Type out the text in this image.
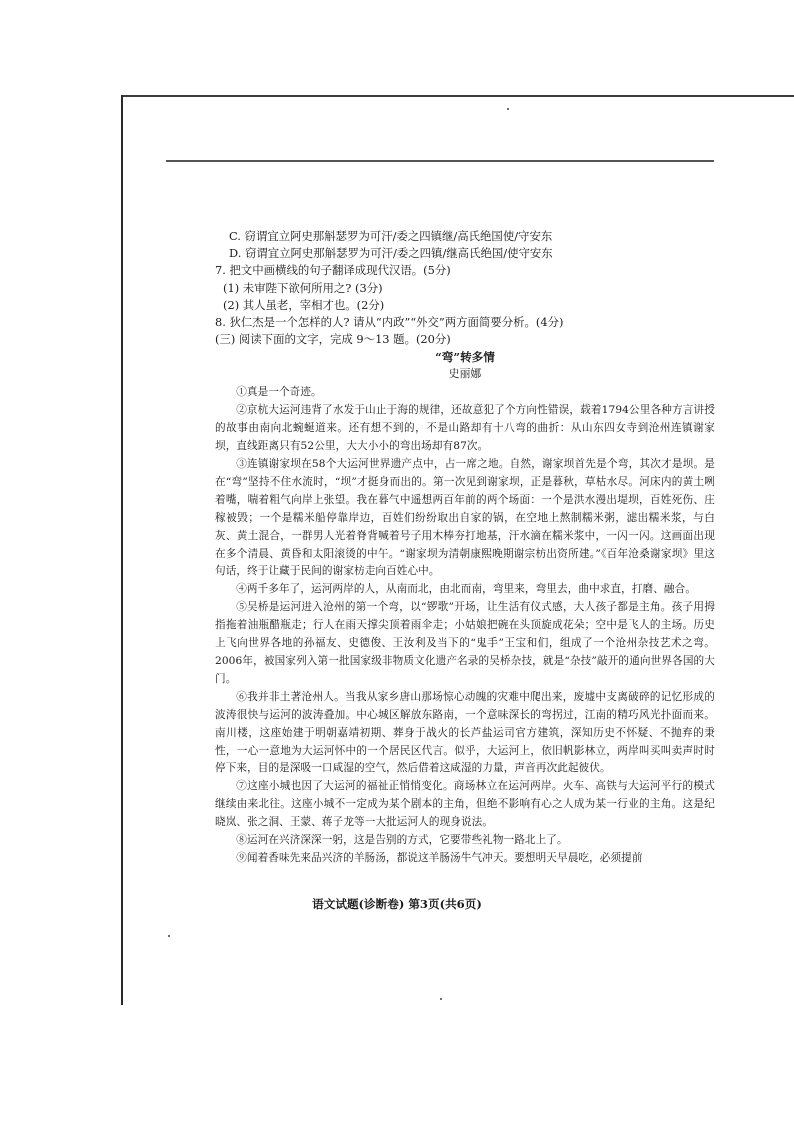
C. 窃谓宜立阿史那斛瑟罗为可汗/委之四镇继/高氏绝国使/守安东
D. 窃谓宜立阿史那斛瑟罗为可汗/委之四镇/继高氏绝国/使守安东
7. 把文中画横线的句子翻译成现代汉语。(5分)
(1) 未审陛下欲何所用之? (3分)
(2) 其人虽老，宰相才也。(2分)
8. 狄仁杰是一个怎样的人? 请从“内政”“外交”两方面简要分析。(4分)
(三) 阅读下面的文字，完成 9～13 题。(20分)
“弯”转多情
史丽娜

①真是一个奇迹。

②京杭大运河违背了水发于山止于海的规律，还故意犯了个方向性错误，载着1794公里各种方言讲授的故事由南向北蜿蜒道来。还有想不到的，不是山路却有十八弯的曲折：从山东四女寺到沧州连镇谢家坝，直线距离只有52公里，大大小小的弯出场却有87次。

③连镇谢家坝在58个大运河世界遗产点中，占一席之地。自然，谢家坝首先是个弯，其次才是坝。是在“弯”坚持不住水流时，“坝”才挺身而出的。第一次见到谢家坝，正是暮秋，草枯水尽。河床内的黄土咧着嘴，喘着粗气向岸上张望。我在暮气中遥想两百年前的两个场面：一个是洪水漫出堤坝，百姓死伤、庄稼被毁；一个是糯米船停靠岸边，百姓们纷纷取出自家的锅，在空地上熬制糯米粥，滤出糯米浆，与白灰、黄土混合，一群男人光着脊背喊着号子用木棒夯打地基，汗水滴在糯米浆中，一闪一闪。这画面出现在多个清晨、黄昏和太阳滚烫的中午。“谢家坝为清朝康熙晚期谢宗枋出资所建。”《百年沧桑谢家坝》里这句话，终于让藏于民间的谢家枋走向百姓心中。

④两千多年了，运河两岸的人，从南而北，由北而南，弯里来，弯里去，曲中求直，打磨、融合。

⑤吴桥是运河进入沧州的第一个弯，以“锣歌”开场，让生活有仪式感，大人孩子都是主角。孩子用拇指拖着油瓶醋瓶走；行人在雨天撑尖顶着雨伞走；小姑娘把碗在头顶旋成花朵；空中是飞人的主场。历史上飞向世界各地的孙福友、史德俊、王汝利及当下的“鬼手”王宝和们，组成了一个沧州杂技艺术之弯。2006年，被国家列入第一批国家级非物质文化遗产名录的吴桥杂技，就是“杂技”敲开的通向世界各国的大门。

⑥我并非土著沧州人。当我从家乡唐山那场惊心动魄的灾难中爬出来，废墟中支离破碎的记忆形成的波涛很快与运河的波涛叠加。中心城区解放东路南，一个意味深长的弯拐过，江南的精巧风光扑面而来。南川楼，这座始建于明朝嘉靖初期、葬身于战火的长芦盐运司官方建筑，深知历史不怀疑、不抛弃的秉性，一心一意地为大运河怀中的一个居民区代言。似乎，大运河上，依旧帆影林立，两岸叫买叫卖声时时停下来，目的是深吸一口咸湿的空气，然后借着这咸湿的力量，声音再次此起彼伏。

⑦这座小城也因了大运河的福祉正悄悄变化。商场林立在运河两岸。火车、高铁与大运河平行的模式继续由来北往。这座小城不一定成为某个剧本的主角，但绝不影响有心之人成为某一行业的主角。这是纪晓岚、张之洞、王蒙、蒋子龙等一大批运河人的现身说法。

⑧运河在兴济深深一躬，这是告别的方式，它要带些礼物一路北上了。

⑨闻着香味先来品兴济的羊肠汤，都说这羊肠汤牛气冲天。要想明天早晨吃，必须提前

语文试题(诊断卷) 第3页(共6页)
